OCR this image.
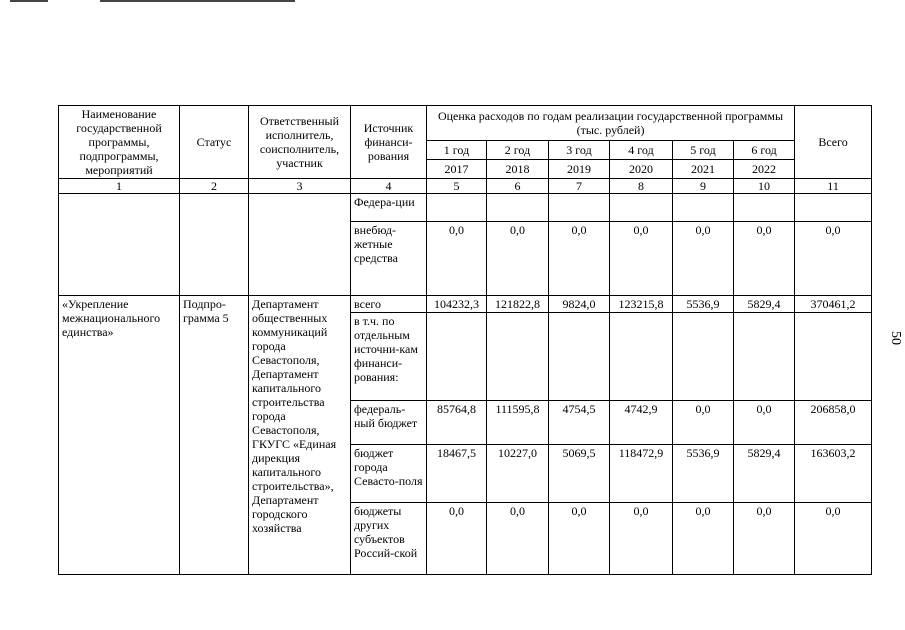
50
Наименование государственной программы, подпрограммы, мероприятий	Статус	Ответственный исполнитель, соисполнитель, участник	Источник финанси-рования	Оценка расходов по годам реализации государственной программы (тыс. рублей)						Всего
				1 год	2 год	3 год	4 год	5 год	6 год	
				2017	2018	2019	2020	2021	2022	
1	2	3	4	5	6	7	8	9	10	11
			Федера-ции							
			внебюд-жетные средства	0,0	0,0	0,0	0,0	0,0	0,0	0,0
«Укрепление межнационального единства»	Подпро-грамма 5	Департамент общественных коммуникаций города Севастополя, Департамент капитального строительства города Севастополя, ГКУГС «Единая дирекция капитального строительства», Департамент городского хозяйства	всего	104232,3	121822,8	9824,0	123215,8	5536,9	5829,4	370461,2
			в т.ч. по отдельным источни-кам финанси-рования:							
			федераль-ный бюджет	85764,8	111595,8	4754,5	4742,9	0,0	0,0	206858,0
			бюджет города Севасто-поля	18467,5	10227,0	5069,5	118472,9	5536,9	5829,4	163603,2
			бюджеты других субъектов Россий-ской	0,0	0,0	0,0	0,0	0,0	0,0	0,0
